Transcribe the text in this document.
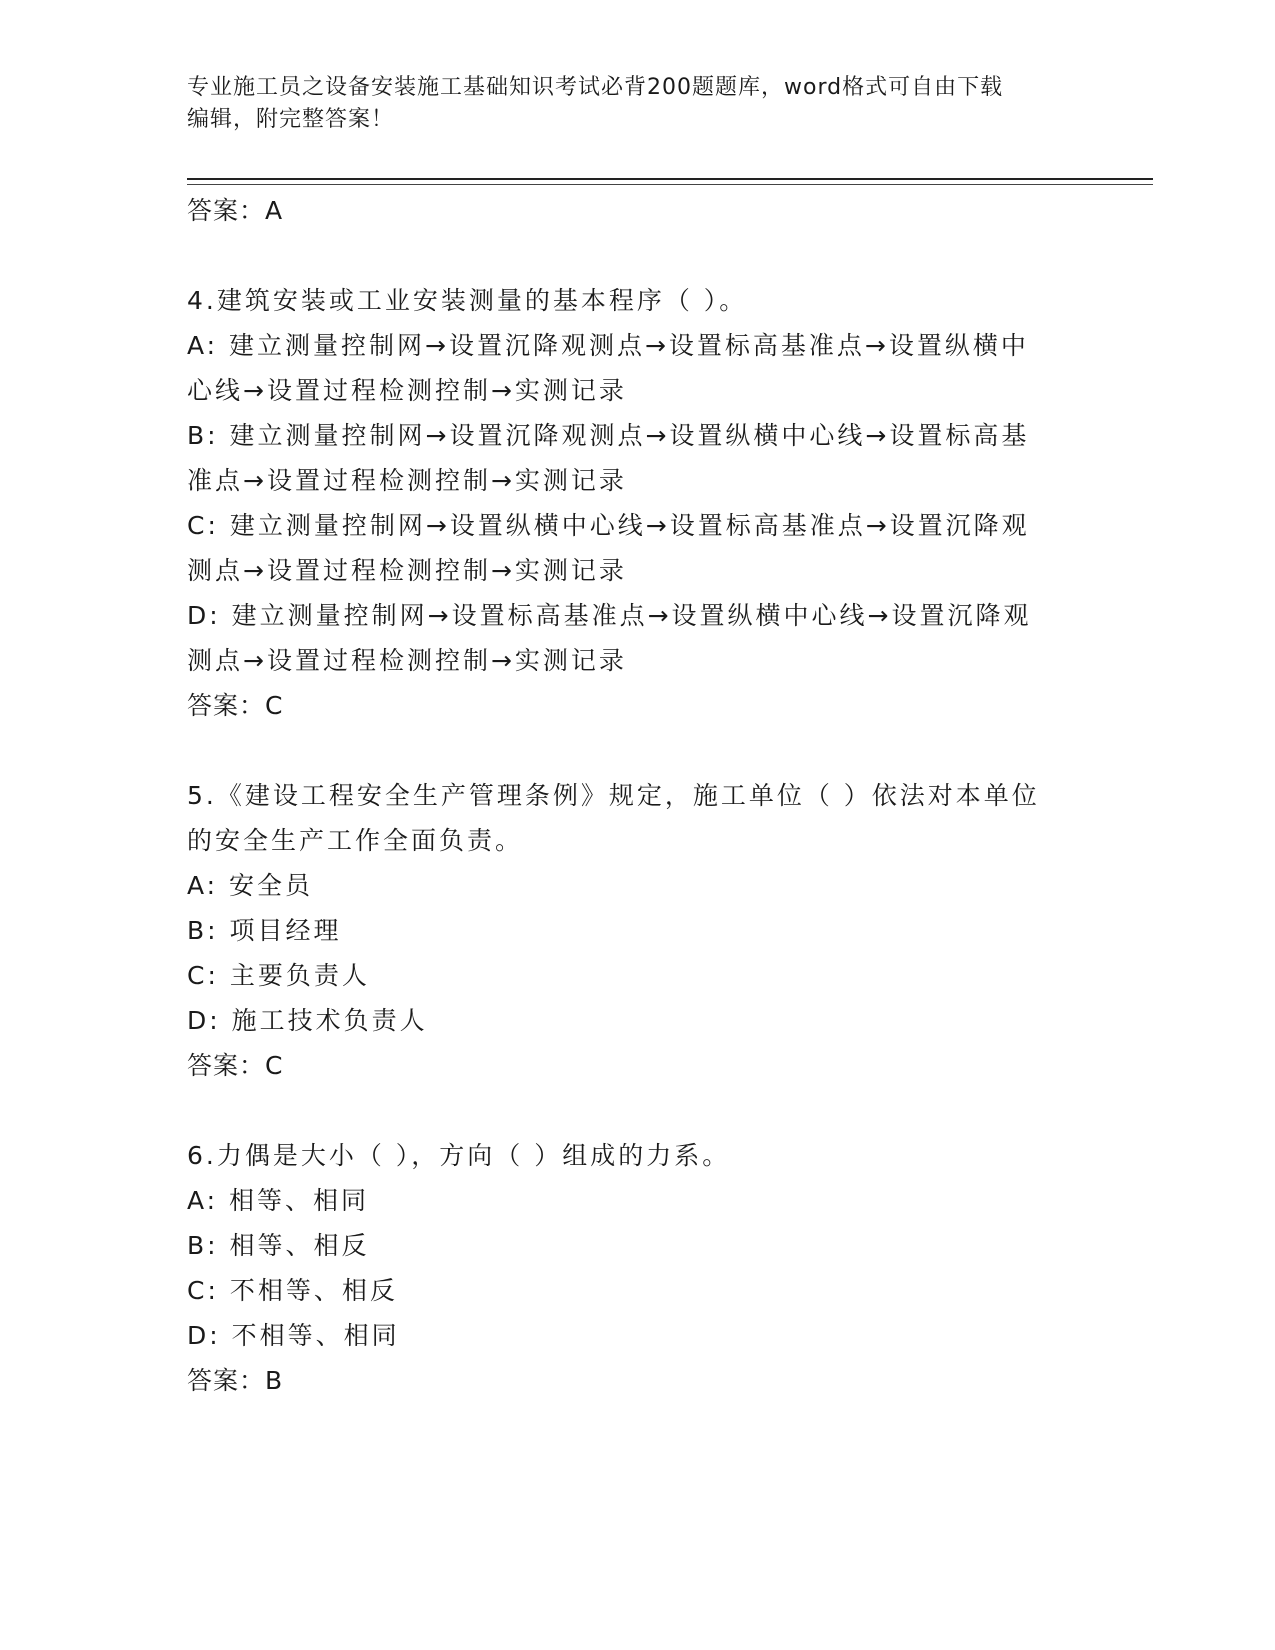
专业施工员之设备安装施工基础知识考试必背200题题库，word格式可自由下载
编辑，附完整答案！
答案：A
4.建筑安装或工业安装测量的基本程序（ ）。
A: 建立测量控制网→设置沉降观测点→设置标高基准点→设置纵横中
心线→设置过程检测控制→实测记录
B: 建立测量控制网→设置沉降观测点→设置纵横中心线→设置标高基
准点→设置过程检测控制→实测记录
C: 建立测量控制网→设置纵横中心线→设置标高基准点→设置沉降观
测点→设置过程检测控制→实测记录
D: 建立测量控制网→设置标高基准点→设置纵横中心线→设置沉降观
测点→设置过程检测控制→实测记录
答案：C
5.《建设工程安全生产管理条例》规定，施工单位（ ）依法对本单位
的安全生产工作全面负责。
A: 安全员
B: 项目经理
C: 主要负责人
D: 施工技术负责人
答案：C
6.力偶是大小（ ），方向（ ）组成的力系。
A: 相等、相同
B: 相等、相反
C: 不相等、相反
D: 不相等、相同
答案：B
